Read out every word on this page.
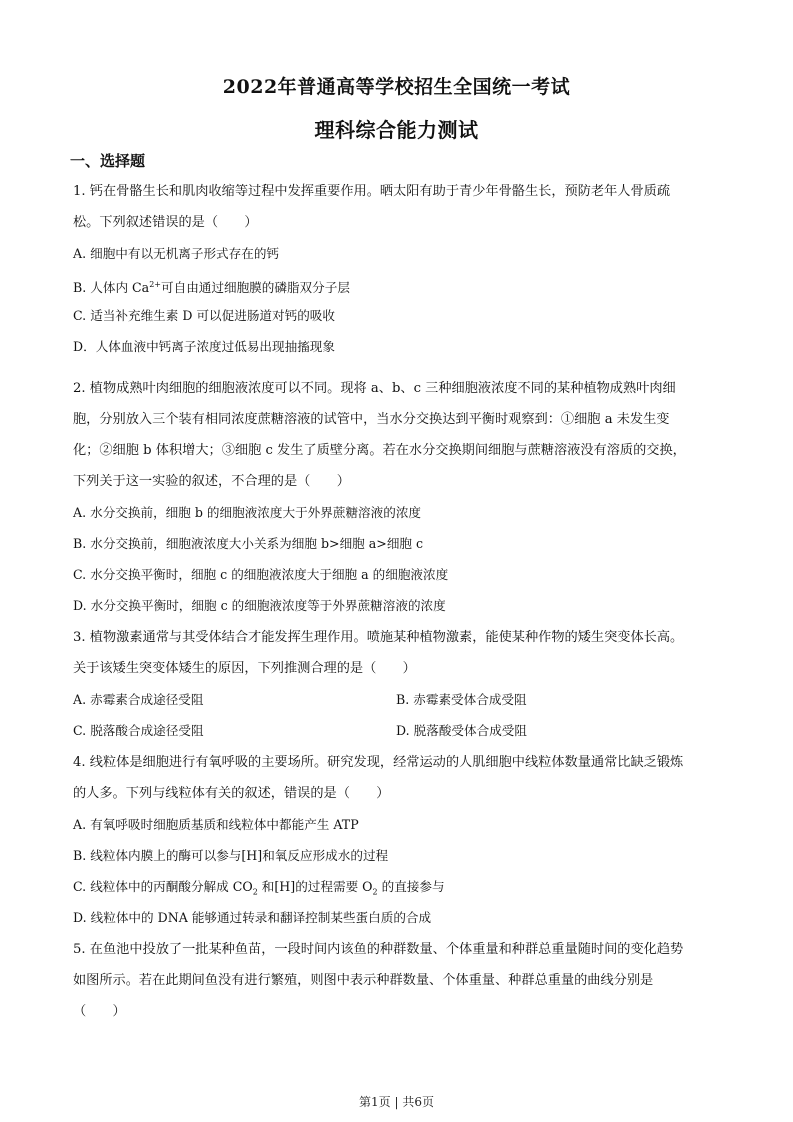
2022年普通高等学校招生全国统一考试
理科综合能力测试
一、选择题
1. 钙在骨骼生长和肌肉收缩等过程中发挥重要作用。晒太阳有助于青少年骨骼生长，预防老年人骨质疏
松。下列叙述错误的是（　　）
A. 细胞中有以无机离子形式存在的钙
B. 人体内 $Ca^{2+}$可自由通过细胞膜的磷脂双分子层
C. 适当补充维生素 D 可以促进肠道对钙的吸收
D．人体血液中钙离子浓度过低易出现抽搐现象
2. 植物成熟叶肉细胞的细胞液浓度可以不同。现将 a、b、c 三种细胞液浓度不同的某种植物成熟叶肉细
胞，分别放入三个装有相同浓度蔗糖溶液的试管中，当水分交换达到平衡时观察到：①细胞 a 未发生变
化；②细胞 b 体积增大；③细胞 c 发生了质壁分离。若在水分交换期间细胞与蔗糖溶液没有溶质的交换，
下列关于这一实验的叙述，不合理的是（　　）
A. 水分交换前，细胞 b 的细胞液浓度大于外界蔗糖溶液的浓度
B. 水分交换前，细胞液浓度大小关系为细胞 b>细胞 a>细胞 c
C. 水分交换平衡时，细胞 c 的细胞液浓度大于细胞 a 的细胞液浓度
D. 水分交换平衡时，细胞 c 的细胞液浓度等于外界蔗糖溶液的浓度
3. 植物激素通常与其受体结合才能发挥生理作用。喷施某种植物激素，能使某种作物的矮生突变体长高。
关于该矮生突变体矮生的原因，下列推测合理的是（　　）
A. 赤霉素合成途径受阻	B. 赤霉素受体合成受阻
C. 脱落酸合成途径受阻	D. 脱落酸受体合成受阻
4. 线粒体是细胞进行有氧呼吸的主要场所。研究发现，经常运动的人肌细胞中线粒体数量通常比缺乏锻炼
的人多。下列与线粒体有关的叙述，错误的是（　　）
A. 有氧呼吸时细胞质基质和线粒体中都能产生 ATP
B. 线粒体内膜上的酶可以参与[H]和氧反应形成水的过程
C. 线粒体中的丙酮酸分解成 $CO_2$ 和[H]的过程需要 $O_2$ 的直接参与
D. 线粒体中的 DNA 能够通过转录和翻译控制某些蛋白质的合成
5. 在鱼池中投放了一批某种鱼苗，一段时间内该鱼的种群数量、个体重量和种群总重量随时间的变化趋势
如图所示。若在此期间鱼没有进行繁殖，则图中表示种群数量、个体重量、种群总重量的曲线分别是
（　　）
第1页 | 共6页
